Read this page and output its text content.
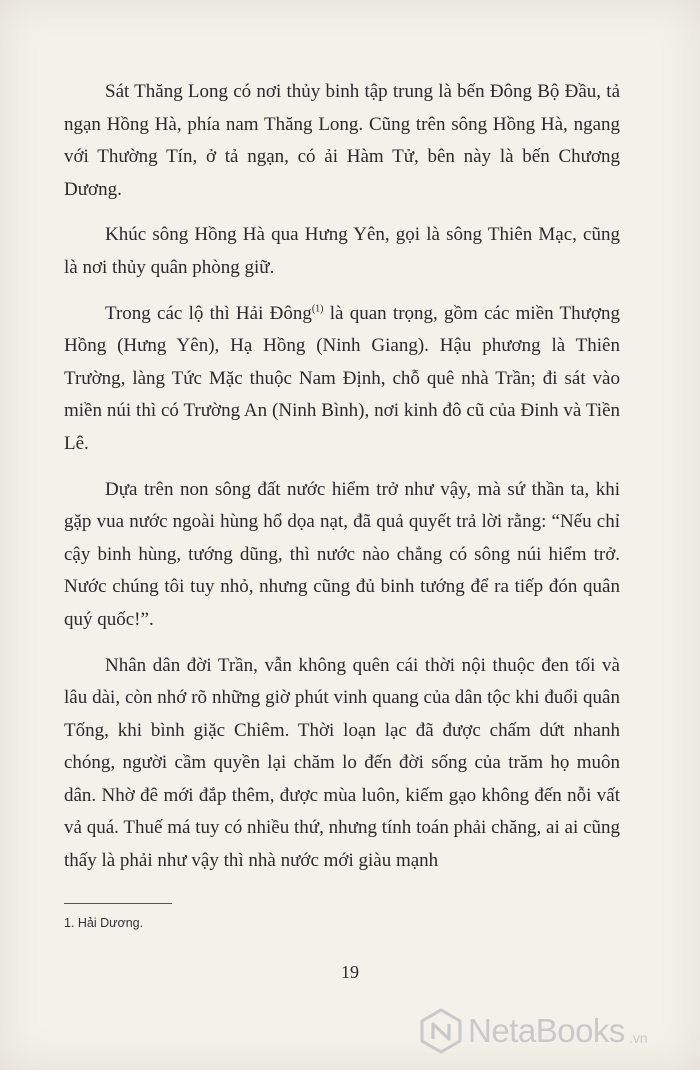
Sát Thăng Long có nơi thủy binh tập trung là bến Đông Bộ Đầu, tả ngạn Hồng Hà, phía nam Thăng Long. Cũng trên sông Hồng Hà, ngang với Thường Tín, ở tả ngạn, có ải Hàm Tử, bên này là bến Chương Dương.

Khúc sông Hồng Hà qua Hưng Yên, gọi là sông Thiên Mạc, cũng là nơi thủy quân phòng giữ.

Trong các lộ thì Hải Đông$^{(1)}$ là quan trọng, gồm các miền Thượng Hồng (Hưng Yên), Hạ Hồng (Ninh Giang). Hậu phương là Thiên Trường, làng Tức Mặc thuộc Nam Định, chỗ quê nhà Trần; đi sát vào miền núi thì có Trường An (Ninh Bình), nơi kinh đô cũ của Đinh và Tiền Lê.

Dựa trên non sông đất nước hiểm trở như vậy, mà sứ thần ta, khi gặp vua nước ngoài hùng hổ dọa nạt, đã quả quyết trả lời rằng: “Nếu chỉ cậy binh hùng, tướng dũng, thì nước nào chẳng có sông núi hiểm trở. Nước chúng tôi tuy nhỏ, nhưng cũng đủ binh tướng để ra tiếp đón quân quý quốc!”.

Nhân dân đời Trần, vẫn không quên cái thời nội thuộc đen tối và lâu dài, còn nhớ rõ những giờ phút vinh quang của dân tộc khi đuổi quân Tống, khi bình giặc Chiêm. Thời loạn lạc đã được chấm dứt nhanh chóng, người cầm quyền lại chăm lo đến đời sống của trăm họ muôn dân. Nhờ đê mới đắp thêm, được mùa luôn, kiếm gạo không đến nỗi vất vả quá. Thuế má tuy có nhiều thứ, nhưng tính toán phải chăng, ai ai cũng thấy là phải như vậy thì nhà nước mới giàu mạnh

1. Hải Dương.
19
NetaBooks .vn
